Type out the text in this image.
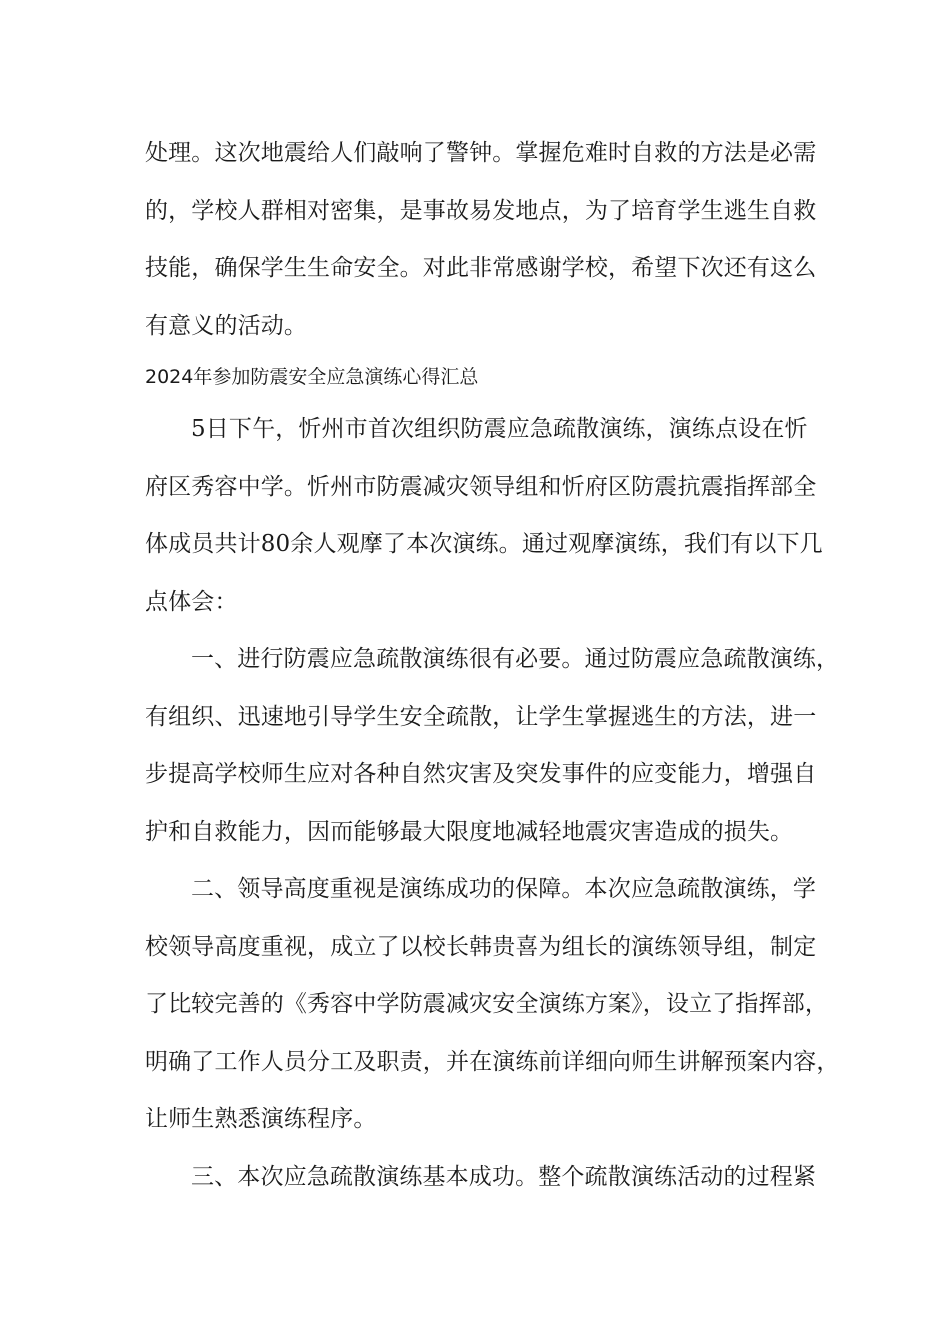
处理。这次地震给人们敲响了警钟。掌握危难时自救的方法是必需
的，学校人群相对密集，是事故易发地点，为了培育学生逃生自救
技能，确保学生生命安全。对此非常感谢学校，希望下次还有这么
有意义的活动。
2024年参加防震安全应急演练心得汇总
5日下午，忻州市首次组织防震应急疏散演练，演练点设在忻
府区秀容中学。忻州市防震减灾领导组和忻府区防震抗震指挥部全
体成员共计80余人观摩了本次演练。通过观摩演练，我们有以下几
点体会：
一、进行防震应急疏散演练很有必要。通过防震应急疏散演练，
有组织、迅速地引导学生安全疏散，让学生掌握逃生的方法，进一
步提高学校师生应对各种自然灾害及突发事件的应变能力，增强自
护和自救能力，因而能够最大限度地减轻地震灾害造成的损失。
二、领导高度重视是演练成功的保障。本次应急疏散演练，学
校领导高度重视，成立了以校长韩贵喜为组长的演练领导组，制定
了比较完善的《秀容中学防震减灾安全演练方案》，设立了指挥部，
明确了工作人员分工及职责，并在演练前详细向师生讲解预案内容，
让师生熟悉演练程序。
三、本次应急疏散演练基本成功。整个疏散演练活动的过程紧
